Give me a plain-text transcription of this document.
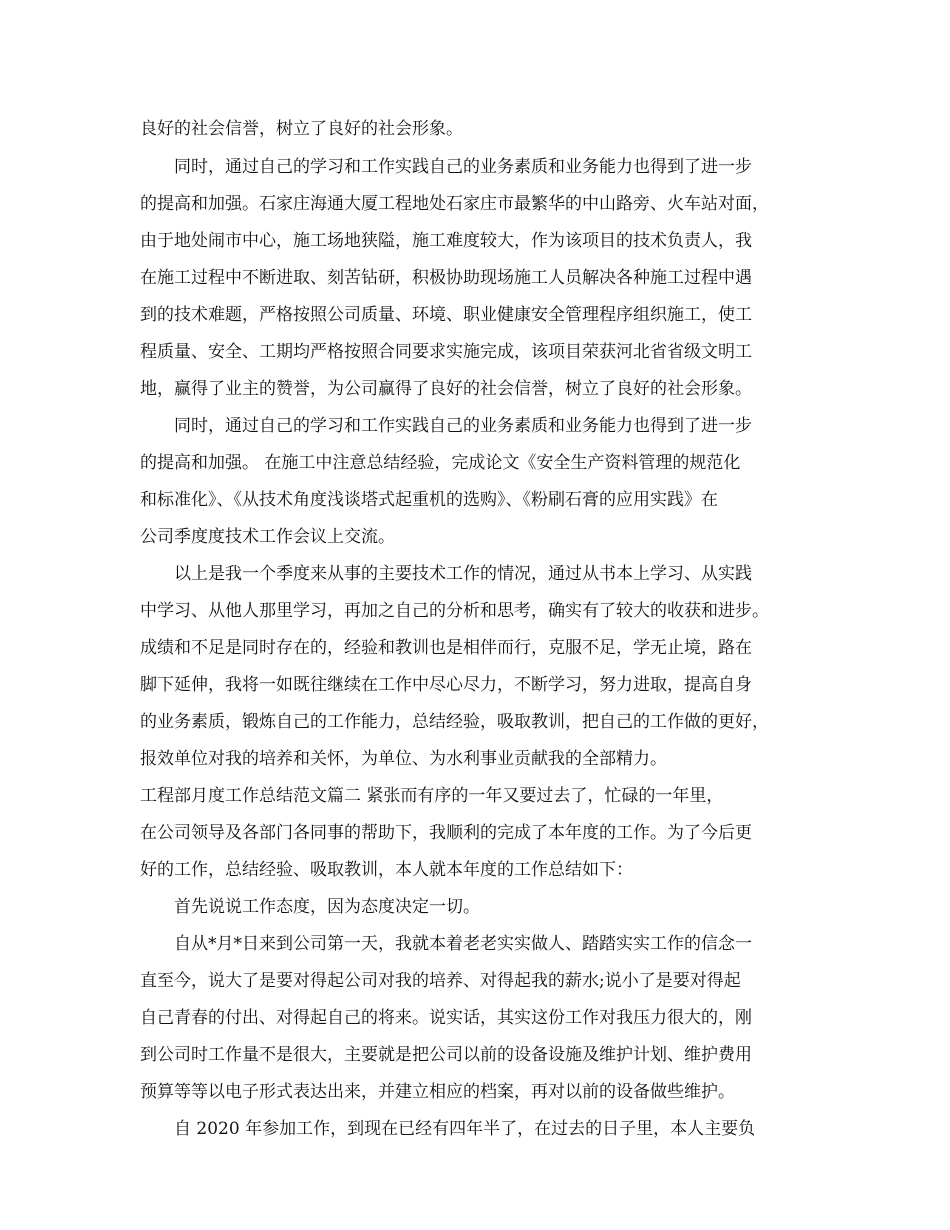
良好的社会信誉，树立了良好的社会形象。
同时，通过自己的学习和工作实践自己的业务素质和业务能力也得到了进一步
的提高和加强。石家庄海通大厦工程地处石家庄市最繁华的中山路旁、火车站对面，
由于地处闹市中心，施工场地狭隘，施工难度较大，作为该项目的技术负责人，我
在施工过程中不断进取、刻苦钻研，积极协助现场施工人员解决各种施工过程中遇
到的技术难题，严格按照公司质量、环境、职业健康安全管理程序组织施工，使工
程质量、安全、工期均严格按照合同要求实施完成，该项目荣获河北省省级文明工
地，赢得了业主的赞誉，为公司赢得了良好的社会信誉，树立了良好的社会形象。
同时，通过自己的学习和工作实践自己的业务素质和业务能力也得到了进一步
的提高和加强。 在施工中注意总结经验，完成论文《安全生产资料管理的规范化
和标准化》、《从技术角度浅谈塔式起重机的选购》、《粉刷石膏的应用实践》在
公司季度度技术工作会议上交流。
以上是我一个季度来从事的主要技术工作的情况，通过从书本上学习、从实践
中学习、从他人那里学习，再加之自己的分析和思考，确实有了较大的收获和进步。
成绩和不足是同时存在的，经验和教训也是相伴而行，克服不足，学无止境，路在
脚下延伸，我将一如既往继续在工作中尽心尽力，不断学习，努力进取，提高自身
的业务素质，锻炼自己的工作能力，总结经验，吸取教训，把自己的工作做的更好，
报效单位对我的培养和关怀，为单位、为水利事业贡献我的全部精力。
工程部月度工作总结范文篇二 紧张而有序的一年又要过去了，忙碌的一年里，
在公司领导及各部门各同事的帮助下，我顺利的完成了本年度的工作。为了今后更
好的工作，总结经验、吸取教训，本人就本年度的工作总结如下：
首先说说工作态度，因为态度决定一切。
自从*月*日来到公司第一天，我就本着老老实实做人、踏踏实实工作的信念一
直至今，说大了是要对得起公司对我的培养、对得起我的薪水;说小了是要对得起
自己青春的付出、对得起自己的将来。说实话，其实这份工作对我压力很大的，刚
到公司时工作量不是很大，主要就是把公司以前的设备设施及维护计划、维护费用
预算等等以电子形式表达出来，并建立相应的档案，再对以前的设备做些维护。
自 2020 年参加工作，到现在已经有四年半了，在过去的日子里，本人主要负
